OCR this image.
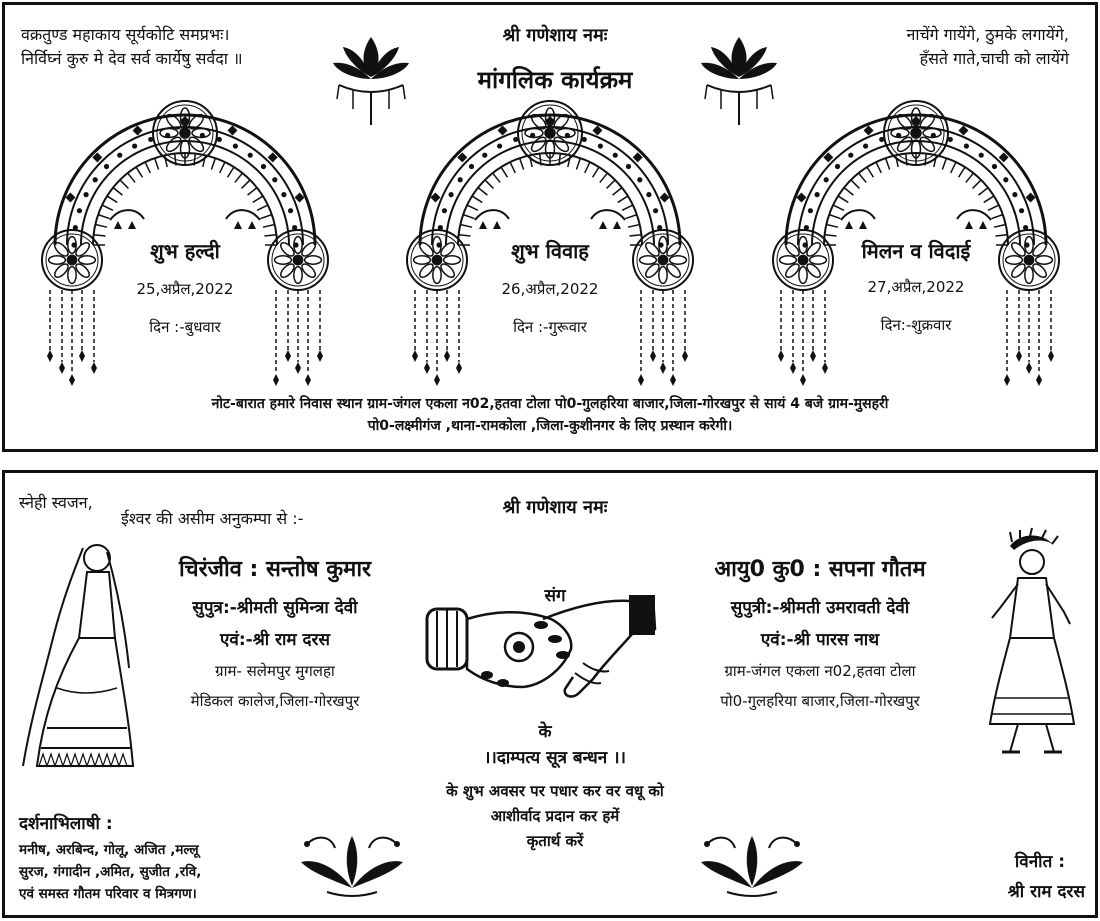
वक्रतुण्ड महाकाय सूर्यकोटि समप्रभः।
निर्विघ्नं कुरु मे देव सर्व कार्येषु सर्वदा ॥
श्री गणेशाय नमः
मांगलिक कार्यक्रम
नाचेंगे गायेंगे, ठुमके लगायेंगे,
हँसते गाते,चाची को लायेंगे
शुभ हल्दी
25,अप्रैल,2022
दिन :-बुधवार
शुभ विवाह
26,अप्रैल,2022
दिन :-गुरूवार
मिलन व विदाई
27,अप्रैल,2022
दिन:-शुक्रवार
नोट-बारात हमारे निवास स्थान ग्राम-जंगल एकला न02,हतवा टोला पो0-गुलहरिया बाजार,जिला-गोरखपुर से सायं 4 बजे ग्राम-मुसहरी
पो0-लक्ष्मीगंज ,थाना-रामकोला ,जिला-कुशीनगर के लिए प्रस्थान करेगी।
स्नेही स्वजन,
ईश्वर की असीम अनुकम्पा से :-
श्री गणेशाय नमः
चिरंजीव : सन्तोष कुमार
सुपुत्र:-श्रीमती सुमिन्त्रा देवी
एवं:-श्री राम दरस
ग्राम- सलेमपुर मुगलहा
मेडिकल कालेज,जिला-गोरखपुर
संग
के
।।दाम्पत्य सूत्र बन्धन ।।
के शुभ अवसर पर पधार कर वर वधू को
आशीर्वाद प्रदान कर हमें
कृतार्थ करें
आयु0 कु0 : सपना गौतम
सुपुत्री:-श्रीमती उमरावती देवी
एवं:-श्री पारस नाथ
ग्राम-जंगल एकला न02,हतवा टोला
पो0-गुलहरिया बाजार,जिला-गोरखपुर
दर्शनाभिलाषी :
मनीष, अरबिन्द, गोलू, अजित ,मल्लू
सुरज, गंगादीन ,अमित, सुजीत ,रवि,
एवं समस्त गौतम परिवार व मित्रगण।
विनीत :
श्री राम दरस
